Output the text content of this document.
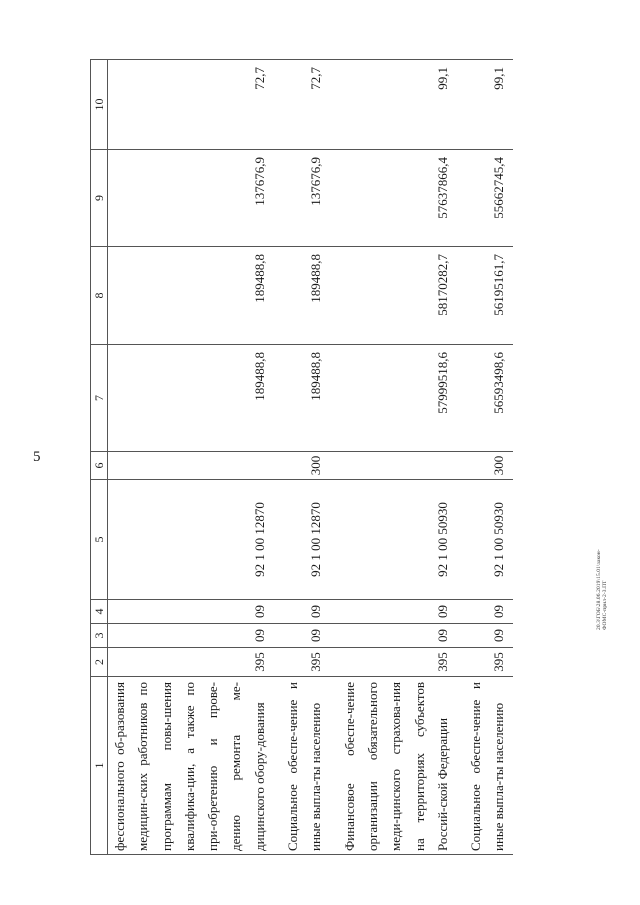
5
20.3\ГОБ\28.06.2019\15.01\закон-ФОМС-прил-2-3.ПТ
1	2	3	4	5	6	7	8	9	10
фессионального об-разования медицин-ских работников по программам повы-шения квалифика-ции, а также по при-обретению и прове-дению ремонта ме-дицинского обору-дования	395	09	09	92 1 00 12870		189488,8	189488,8	137676,9	72,7

Социальное обеспе-чение и иные выпла-ты населению	395	09	09	92 1 00 12870	300	189488,8	189488,8	137676,9	72,7

Финансовое обеспе-чение организации обязательного меди-цинского страхова-ния на территориях субъектов Россий-ской Федерации	395	09	09	92 1 00 50930		57999518,6	58170282,7	57637866,4	99,1

Социальное обеспе-чение и иные выпла-ты населению	395	09	09	92 1 00 50930	300	56593498,6	56195161,7	55662745,4	99,1
